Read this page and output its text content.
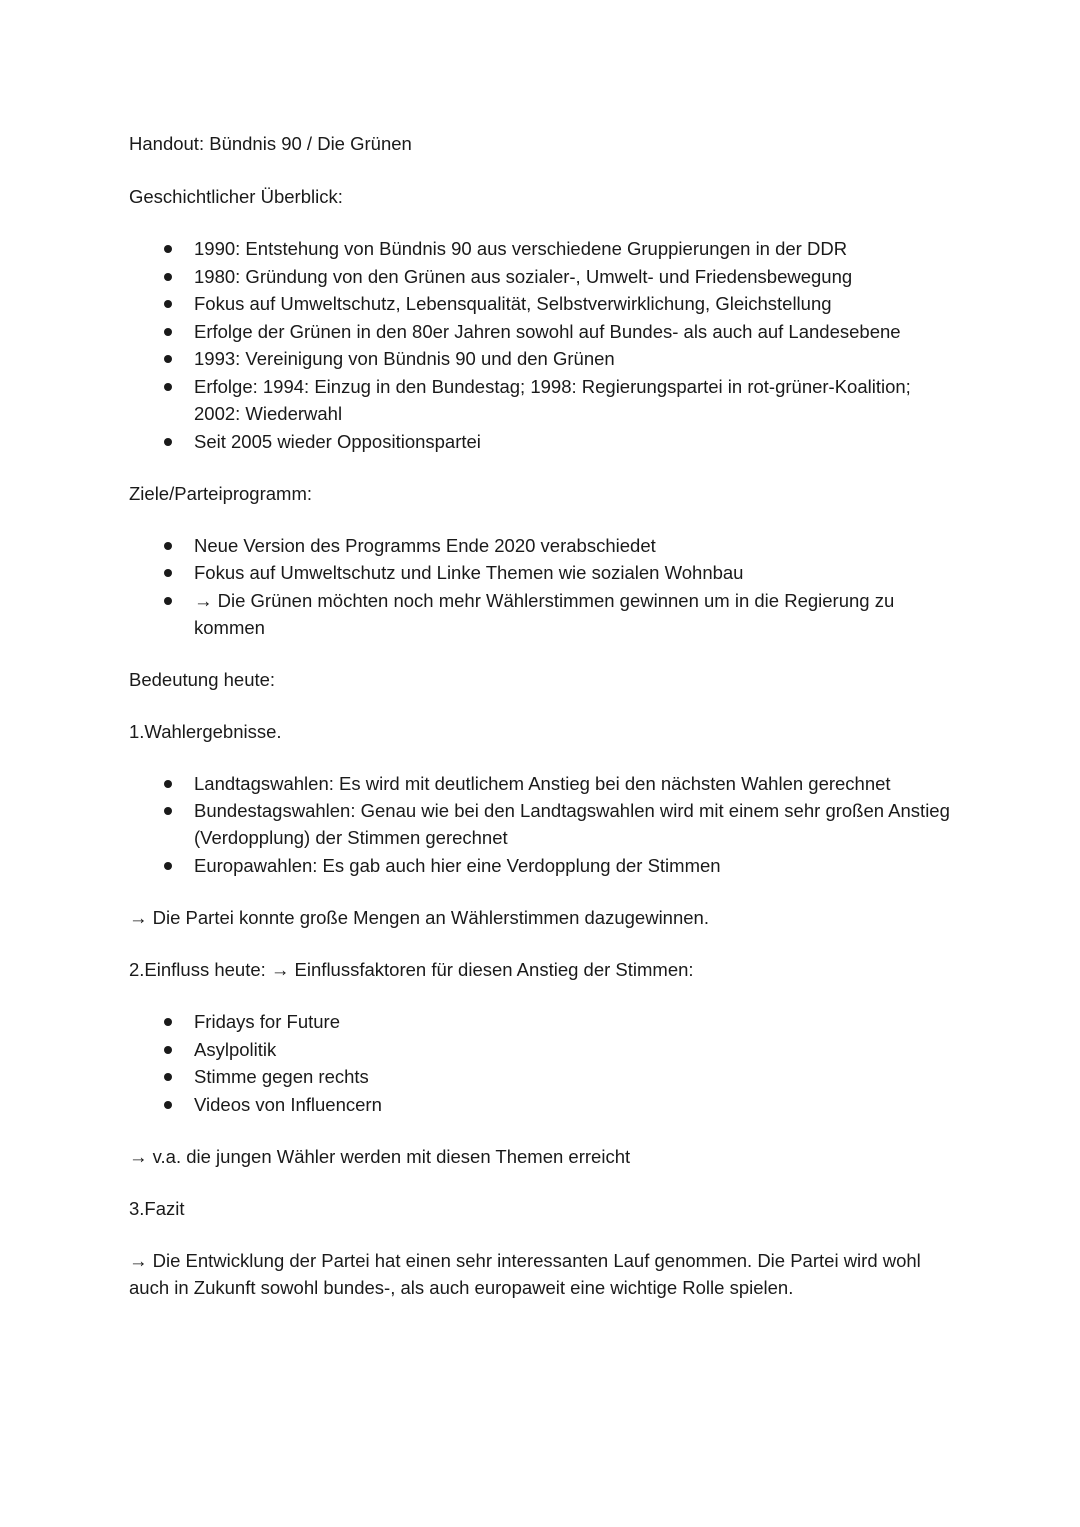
Handout: Bündnis 90 / Die Grünen

Geschichtlicher Überblick:

1990: Entstehung von Bündnis 90 aus verschiedene Gruppierungen in der DDR
1980: Gründung von den Grünen aus sozialer-, Umwelt- und Friedensbewegung
Fokus auf Umweltschutz, Lebensqualität, Selbstverwirklichung, Gleichstellung
Erfolge der Grünen in den 80er Jahren sowohl auf Bundes- als auch auf Landesebene
1993: Vereinigung von Bündnis 90 und den Grünen
Erfolge: 1994: Einzug in den Bundestag; 1998: Regierungspartei in rot-grüner-Koalition; 2002: Wiederwahl
Seit 2005 wieder Oppositionspartei

Ziele/Parteiprogramm:

Neue Version des Programms Ende 2020 verabschiedet
Fokus auf Umweltschutz und Linke Themen wie sozialen Wohnbau
→ Die Grünen möchten noch mehr Wählerstimmen gewinnen um in die Regierung zu kommen

Bedeutung heute:

1.Wahlergebnisse.

Landtagswahlen: Es wird mit deutlichem Anstieg bei den nächsten Wahlen gerechnet
Bundestagswahlen: Genau wie bei den Landtagswahlen wird mit einem sehr großen Anstieg (Verdopplung) der Stimmen gerechnet
Europawahlen: Es gab auch hier eine Verdopplung der Stimmen

→ Die Partei konnte große Mengen an Wählerstimmen dazugewinnen.

2.Einfluss heute: → Einflussfaktoren für diesen Anstieg der Stimmen:

Fridays for Future
Asylpolitik
Stimme gegen rechts
Videos von Influencern

→ v.a. die jungen Wähler werden mit diesen Themen erreicht

3.Fazit

→ Die Entwicklung der Partei hat einen sehr interessanten Lauf genommen. Die Partei wird wohl auch in Zukunft sowohl bundes-, als auch europaweit eine wichtige Rolle spielen.
